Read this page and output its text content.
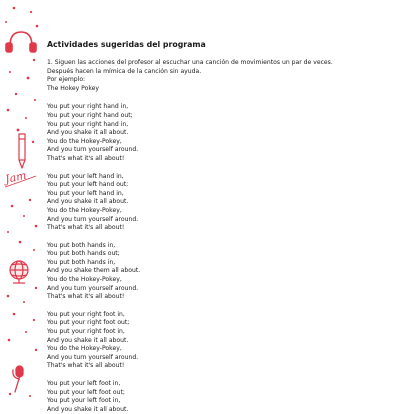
Jam
Actividades sugeridas del programa

1. Siguen las acciones del profesor al escuchar una canción de movimientos un par de veces.

Después hacen la mímica de la canción sin ayuda.

Por ejemplo:

The Hokey Pokey

You put your right hand in,
You put your right hand out;
You put your right hand in,
And you shake it all about.
You do the Hokey-Pokey,
And you turn yourself around.
That's what it's all about!
You put your left hand in,
You put your left hand out;
You put your left hand in,
And you shake it all about.
You do the Hokey-Pokey,
And you turn yourself around.
That's what it's all about!
You put both hands in,
You put both hands out;
You put both hands in,
And you shake them all about.
You do the Hokey-Pokey,
And you turn yourself around.
That's what it's all about!
You put your right foot in,
You put your right foot out;
You put your right foot in,
And you shake it all about.
You do the Hokey-Pokey,
And you turn yourself around.
That's what it's all about!
You put your left foot in,
You put your left foot out;
You put your left foot in,
And you shake it all about.
